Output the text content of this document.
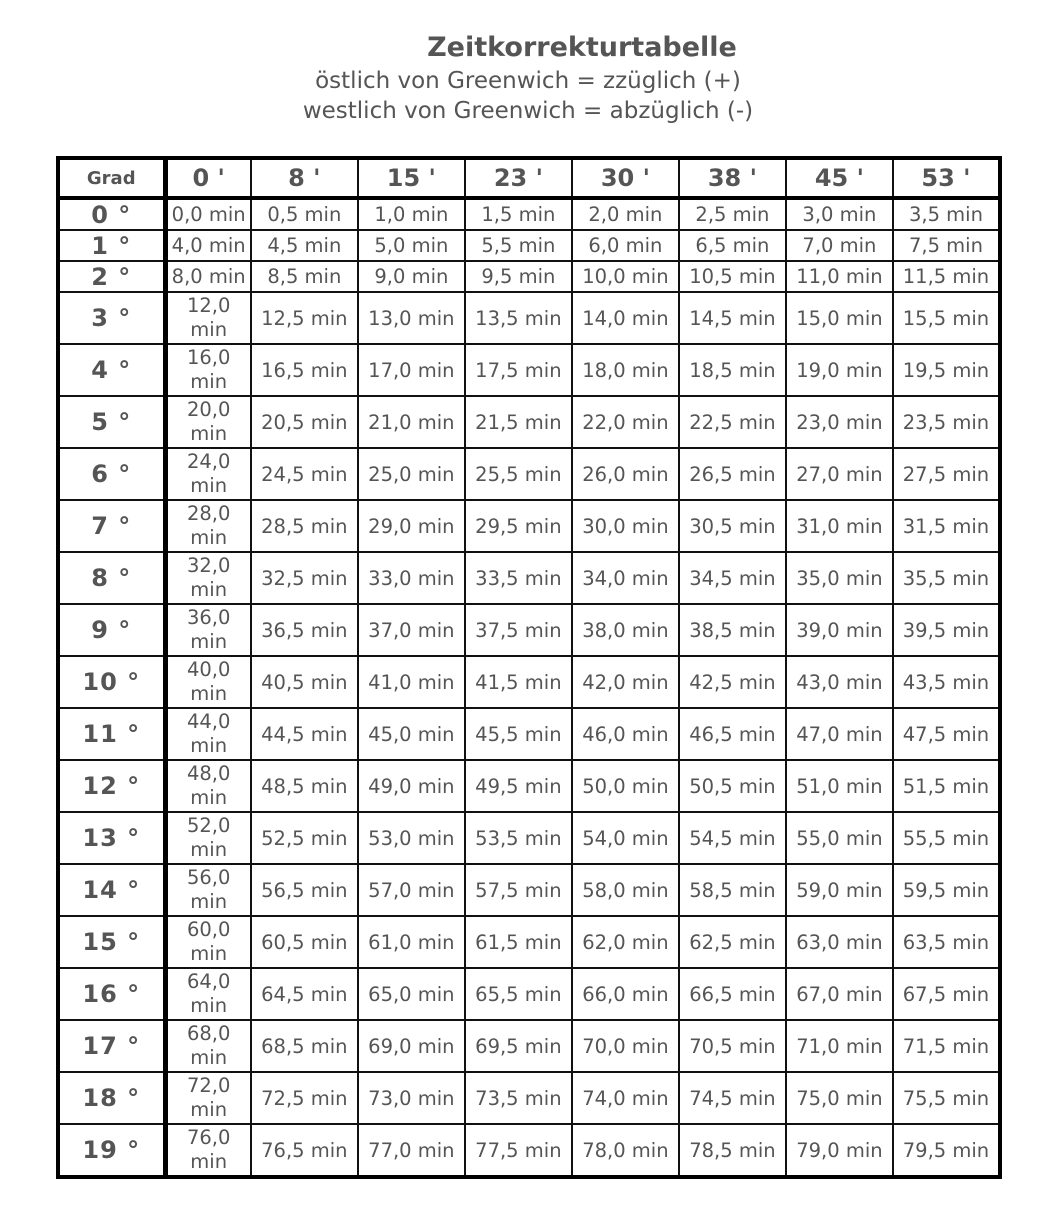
Zeitkorrekturtabelle
östlich von Greenwich = zzüglich (+)
westlich von Greenwich = abzüglich (-)
Grad	0 '	8 '	15 '	23 '	30 '	38 '	45 '	53 '
0 °	0,0 min	0,5 min	1,0 min	1,5 min	2,0 min	2,5 min	3,0 min	3,5 min
1 °	4,0 min	4,5 min	5,0 min	5,5 min	6,0 min	6,5 min	7,0 min	7,5 min
2 °	8,0 min	8,5 min	9,0 min	9,5 min	10,0 min	10,5 min	11,0 min	11,5 min
3 °	12,0 min	12,5 min	13,0 min	13,5 min	14,0 min	14,5 min	15,0 min	15,5 min
4 °	16,0 min	16,5 min	17,0 min	17,5 min	18,0 min	18,5 min	19,0 min	19,5 min
5 °	20,0 min	20,5 min	21,0 min	21,5 min	22,0 min	22,5 min	23,0 min	23,5 min
6 °	24,0 min	24,5 min	25,0 min	25,5 min	26,0 min	26,5 min	27,0 min	27,5 min
7 °	28,0 min	28,5 min	29,0 min	29,5 min	30,0 min	30,5 min	31,0 min	31,5 min
8 °	32,0 min	32,5 min	33,0 min	33,5 min	34,0 min	34,5 min	35,0 min	35,5 min
9 °	36,0 min	36,5 min	37,0 min	37,5 min	38,0 min	38,5 min	39,0 min	39,5 min
10 °	40,0 min	40,5 min	41,0 min	41,5 min	42,0 min	42,5 min	43,0 min	43,5 min
11 °	44,0 min	44,5 min	45,0 min	45,5 min	46,0 min	46,5 min	47,0 min	47,5 min
12 °	48,0 min	48,5 min	49,0 min	49,5 min	50,0 min	50,5 min	51,0 min	51,5 min
13 °	52,0 min	52,5 min	53,0 min	53,5 min	54,0 min	54,5 min	55,0 min	55,5 min
14 °	56,0 min	56,5 min	57,0 min	57,5 min	58,0 min	58,5 min	59,0 min	59,5 min
15 °	60,0 min	60,5 min	61,0 min	61,5 min	62,0 min	62,5 min	63,0 min	63,5 min
16 °	64,0 min	64,5 min	65,0 min	65,5 min	66,0 min	66,5 min	67,0 min	67,5 min
17 °	68,0 min	68,5 min	69,0 min	69,5 min	70,0 min	70,5 min	71,0 min	71,5 min
18 °	72,0 min	72,5 min	73,0 min	73,5 min	74,0 min	74,5 min	75,0 min	75,5 min
19 °	76,0 min	76,5 min	77,0 min	77,5 min	78,0 min	78,5 min	79,0 min	79,5 min
